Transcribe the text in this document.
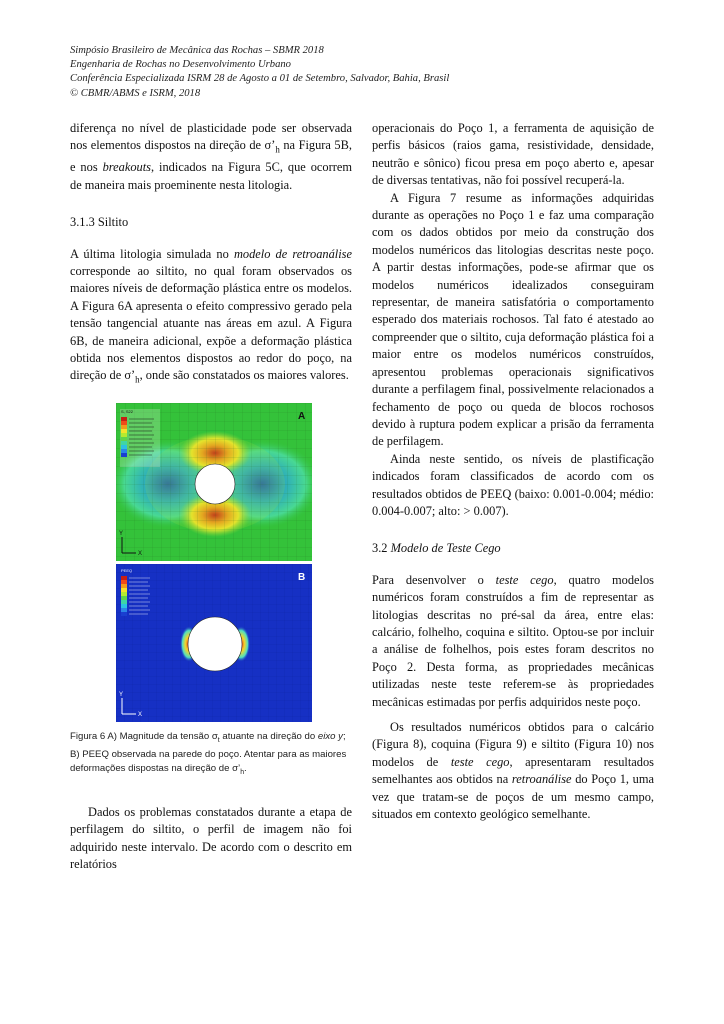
Simpósio Brasileiro de Mecânica das Rochas – SBMR 2018
Engenharia de Rochas no Desenvolvimento Urbano
Conferência Especializada ISRM 28 de Agosto a 01 de Setembro, Salvador, Bahia, Brasil
© CBMR/ABMS e ISRM, 2018

diferença no nível de plasticidade pode ser observada nos elementos dispostos na direção de $\sigma’_h$ na Figura 5B, e nos breakouts, indicados na Figura 5C, que ocorrem de maneira mais proeminente nesta litologia.

3.1.3 Siltito

A última litologia simulada no modelo de retroanálise corresponde ao siltito, no qual foram observados os maiores níveis de deformação plástica entre os modelos. A Figura 6A apresenta o efeito compressivo gerado pela tensão tangencial atuante nas áreas em azul. A Figura 6B, de maneira adicional, expõe a deformação plástica obtida nos elementos dispostos ao redor do poço, na direção de $\sigma’_h$, onde são constatados os maiores valores.

S, S22	A
Y
X
PEEQ
B
Y
X
Figura 6 A) Magnitude da tensão $\sigma_t$ atuante na direção do eixo y; B) PEEQ observada na parede do poço. Atentar para as maiores deformações dispostas na direção de $\sigma’_h$.

Dados os problemas constatados durante a etapa de perfilagem do siltito, o perfil de imagem não foi adquirido neste intervalo. De acordo com o descrito em relatórios

operacionais do Poço 1, a ferramenta de aquisição de perfis básicos (raios gama, resistividade, densidade, neutrão e sônico) ficou presa em poço aberto e, apesar de diversas tentativas, não foi possível recuperá-la.

A Figura 7 resume as informações adquiridas durante as operações no Poço 1 e faz uma comparação com os dados obtidos por meio da construção dos modelos numéricos das litologias descritas neste poço. A partir destas informações, pode-se afirmar que os modelos numéricos idealizados conseguiram representar, de maneira satisfatória o comportamento esperado dos materiais rochosos. Tal fato é atestado ao compreender que o siltito, cuja deformação plástica foi a maior entre os modelos numéricos construídos, apresentou problemas operacionais significativos durante a perfilagem final, possivelmente relacionados a fechamento de poço ou queda de blocos rochosos devido à ruptura podem explicar a prisão da ferramenta de perfilagem.

Ainda neste sentido, os níveis de plastificação indicados foram classificados de acordo com os resultados obtidos de PEEQ (baixo: 0.001-0.004; médio: 0.004-0.007; alto: > 0.007).

3.2 Modelo de Teste Cego

Para desenvolver o teste cego, quatro modelos numéricos foram construídos a fim de representar as litologias descritas no pré-sal da área, entre elas: calcário, folhelho, coquina e siltito. Optou-se por incluir a análise de folhelhos, pois estes foram descritos no Poço 2. Desta forma, as propriedades mecânicas utilizadas neste teste referem-se às propriedades mecânicas estimadas por perfis adquiridos neste poço.

Os resultados numéricos obtidos para o calcário (Figura 8), coquina (Figura 9) e siltito (Figura 10) nos modelos de teste cego, apresentaram resultados semelhantes aos obtidos na retroanálise do Poço 1, uma vez que tratam-se de poços de um mesmo campo, situados em contexto geológico semelhante.
